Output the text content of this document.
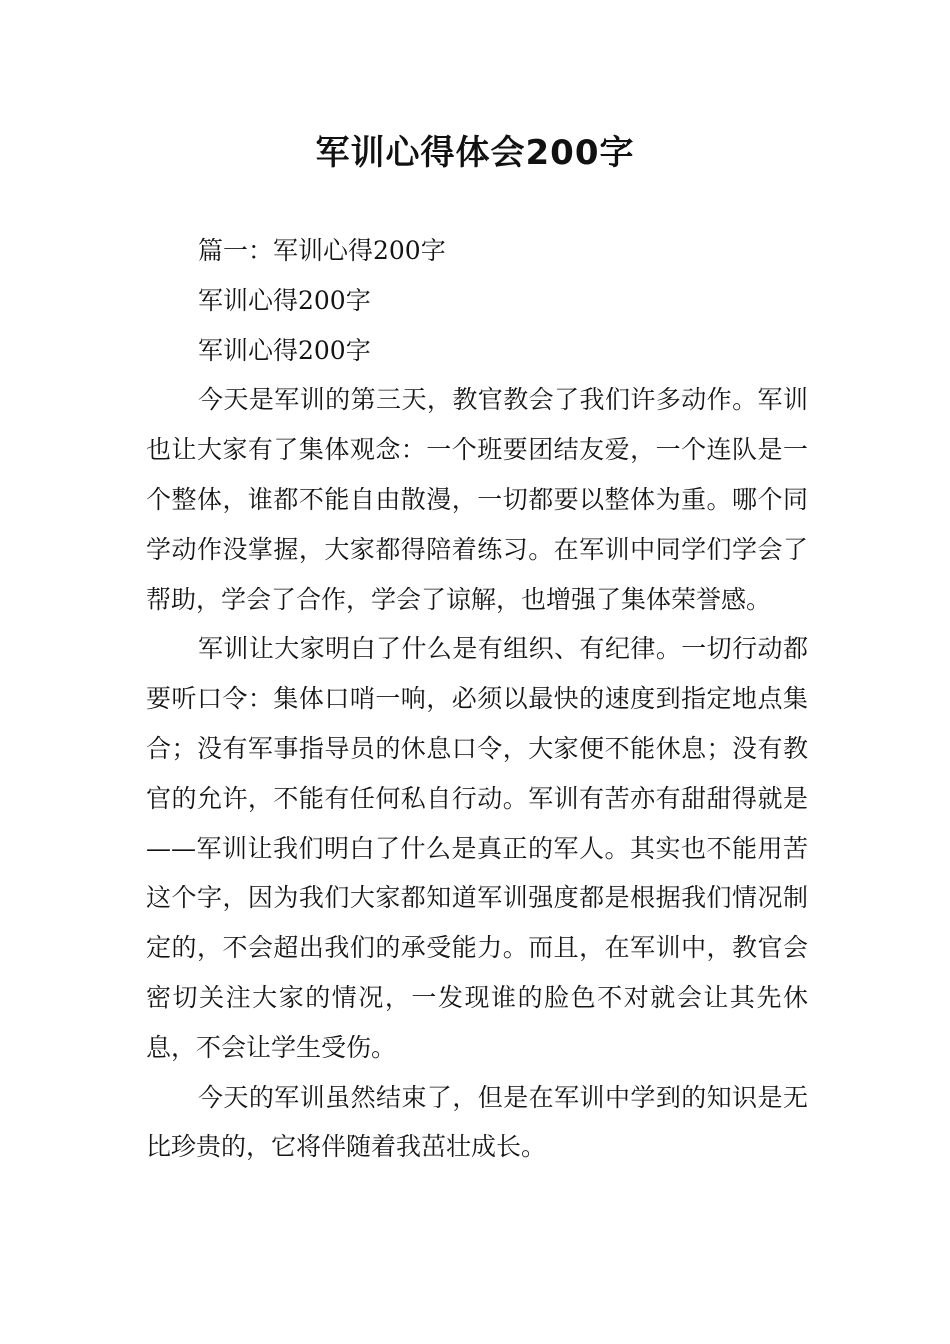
军训心得体会200字

篇一：军训心得200字

军训心得200字

军训心得200字

今天是军训的第三天，教官教会了我们许多动作。军训也让大家有了集体观念：一个班要团结友爱，一个连队是一个整体，谁都不能自由散漫，一切都要以整体为重。哪个同学动作没掌握，大家都得陪着练习。在军训中同学们学会了帮助，学会了合作，学会了谅解，也增强了集体荣誉感。

军训让大家明白了什么是有组织、有纪律。一切行动都要听口令：集体口哨一响，必须以最快的速度到指定地点集合；没有军事指导员的休息口令，大家便不能休息；没有教官的允许，不能有任何私自行动。军训有苦亦有甜甜得就是——军训让我们明白了什么是真正的军人。其实也不能用苦这个字，因为我们大家都知道军训强度都是根据我们情况制定的，不会超出我们的承受能力。而且，在军训中，教官会密切关注大家的情况，一发现谁的脸色不对就会让其先休息，不会让学生受伤。

今天的军训虽然结束了，但是在军训中学到的知识是无比珍贵的，它将伴随着我茁壮成长。
